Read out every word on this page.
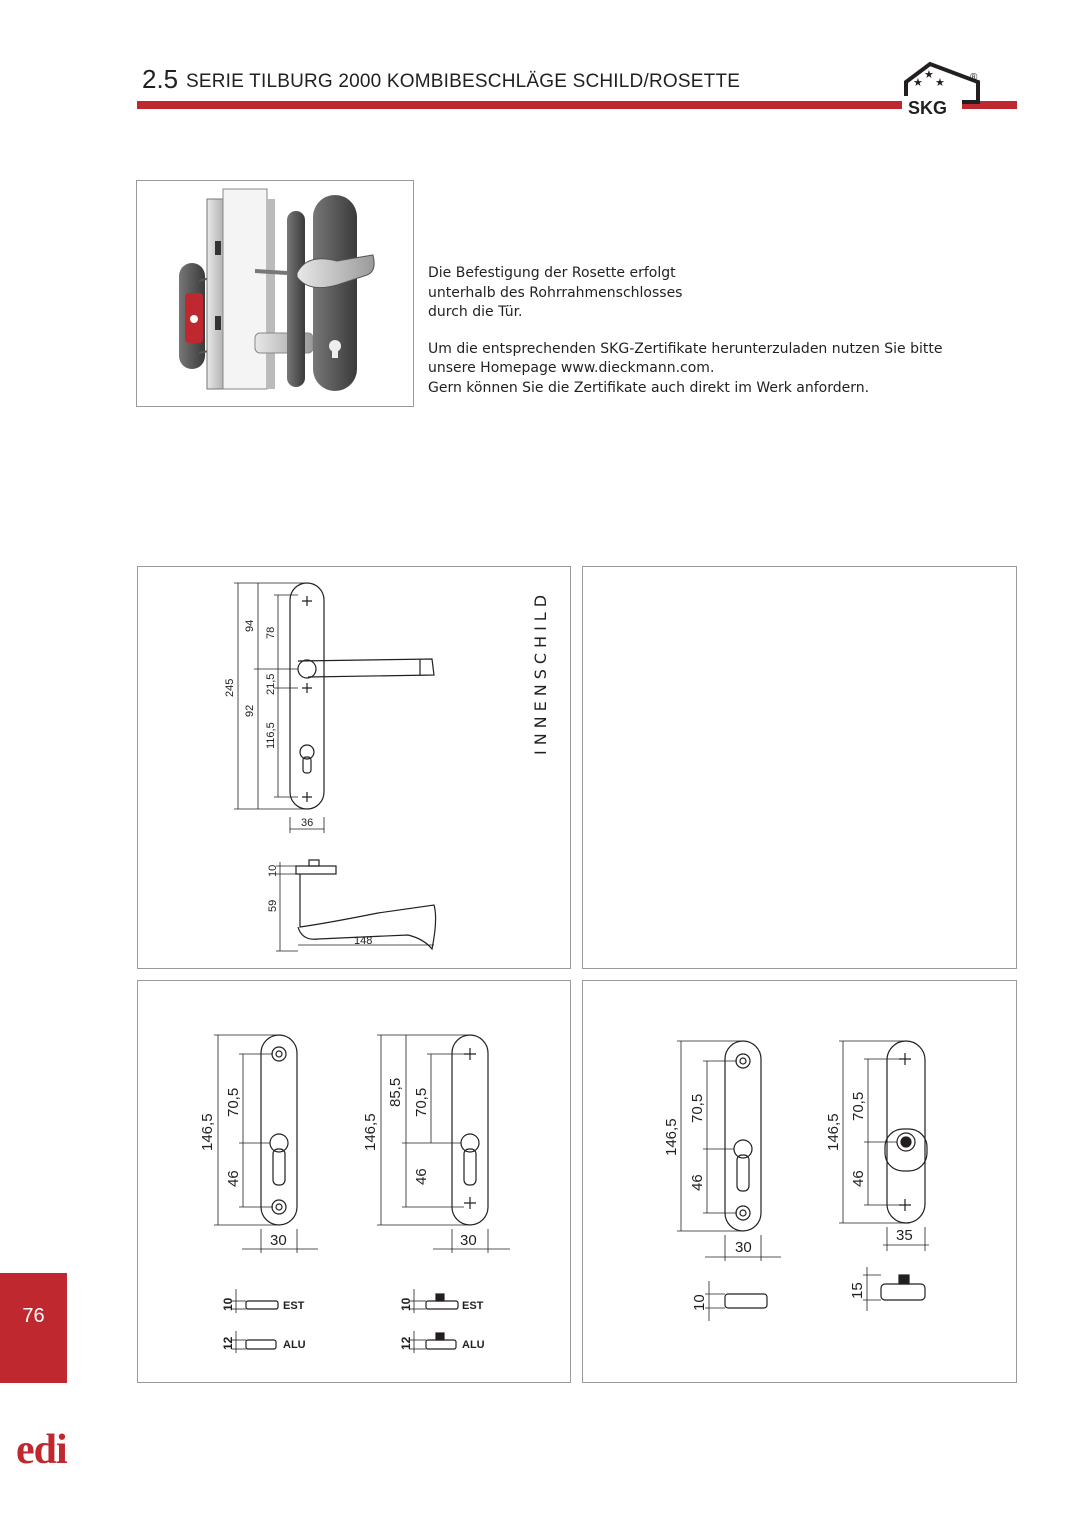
2.5 SERIE TILBURG 2000 KOMBIBESCHLÄGE SCHILD/ROSETTE	★
★
★
SKG
®

Die Befestigung der Rosette erfolgt
unterhalb des Rohrrahmenschlosses
durch die Tür.

Um die entsprechenden SKG-Zertifikate herunterzuladen nutzen Sie bitte
unsere Homepage www.dieckmann.com.
Gern können Sie die Zertifikate auch direkt im Werk anfordern.

245
94
92
78
21,5
116,5
36
10
59
148
INNENSCHILD
146,5
70,5
46
30
146,5
85,5 70,5
46
30
10
12
10
12
EST
ALU
EST
ALU
146,5
70,5
46
30
146,5
70,5
46
35
10
15
76
edi
